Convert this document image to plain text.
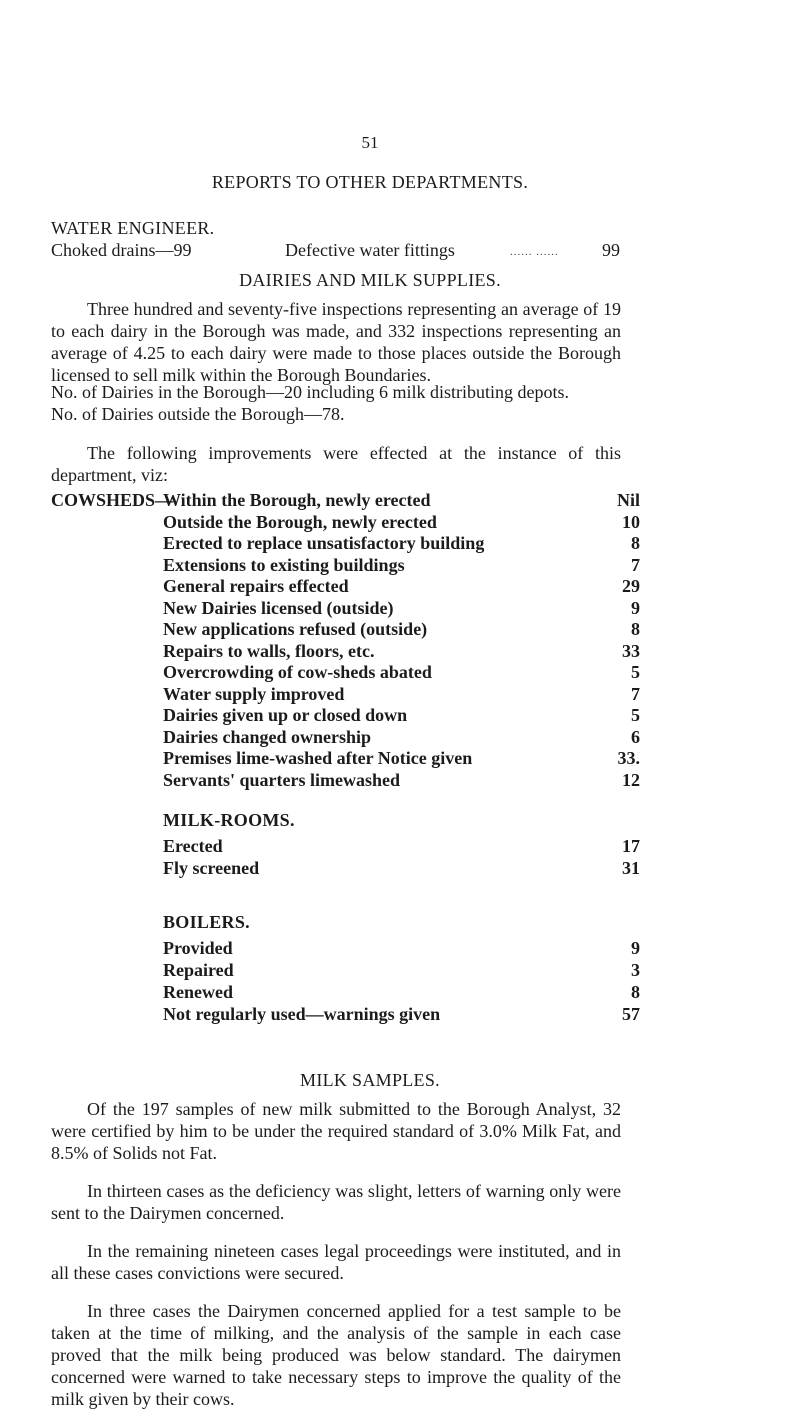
51
REPORTS TO OTHER DEPARTMENTS.
WATER ENGINEER.
Choked drains—99	Defective water fittings	...... ......	99
DAIRIES AND MILK SUPPLIES.
Three hundred and seventy-five inspections representing an average of 19 to each dairy in the Borough was made, and 332 inspections representing an average of 4.25 to each dairy were made to those places outside the Borough licensed to sell milk within the Borough Boundaries.
No. of Dairies in the Borough—20 including 6 milk distributing depots.
No. of Dairies outside the Borough—78.
The following improvements were effected at the instance of this department, viz:
COWSHEDS—
Within the Borough, newly erected	Nil
Outside the Borough, newly erected	10
Erected to replace unsatisfactory building	8
Extensions to existing buildings	7
General repairs effected	29
New Dairies licensed (outside)	9
New applications refused (outside)	8
Repairs to walls, floors, etc.	33
Overcrowding of cow-sheds abated	5
Water supply improved	7
Dairies given up or closed down	5
Dairies changed ownership	6
Premises lime-washed after Notice given	33.
Servants' quarters limewashed	12
MILK-ROOMS.
Erected	17
Fly screened	31
BOILERS.
Provided	9
Repaired	3
Renewed	8
Not regularly used—warnings given	57
MILK SAMPLES.
Of the 197 samples of new milk submitted to the Borough Analyst, 32 were certified by him to be under the required standard of 3.0% Milk Fat, and 8.5% of Solids not Fat.
In thirteen cases as the deficiency was slight, letters of warning only were sent to the Dairymen concerned.
In the remaining nineteen cases legal proceedings were instituted, and in all these cases convictions were secured.
In three cases the Dairymen concerned applied for a test sample to be taken at the time of milking, and the analysis of the sample in each case proved that the milk being produced was below standard. The dairymen concerned were warned to take necessary steps to improve the quality of the milk given by their cows.
